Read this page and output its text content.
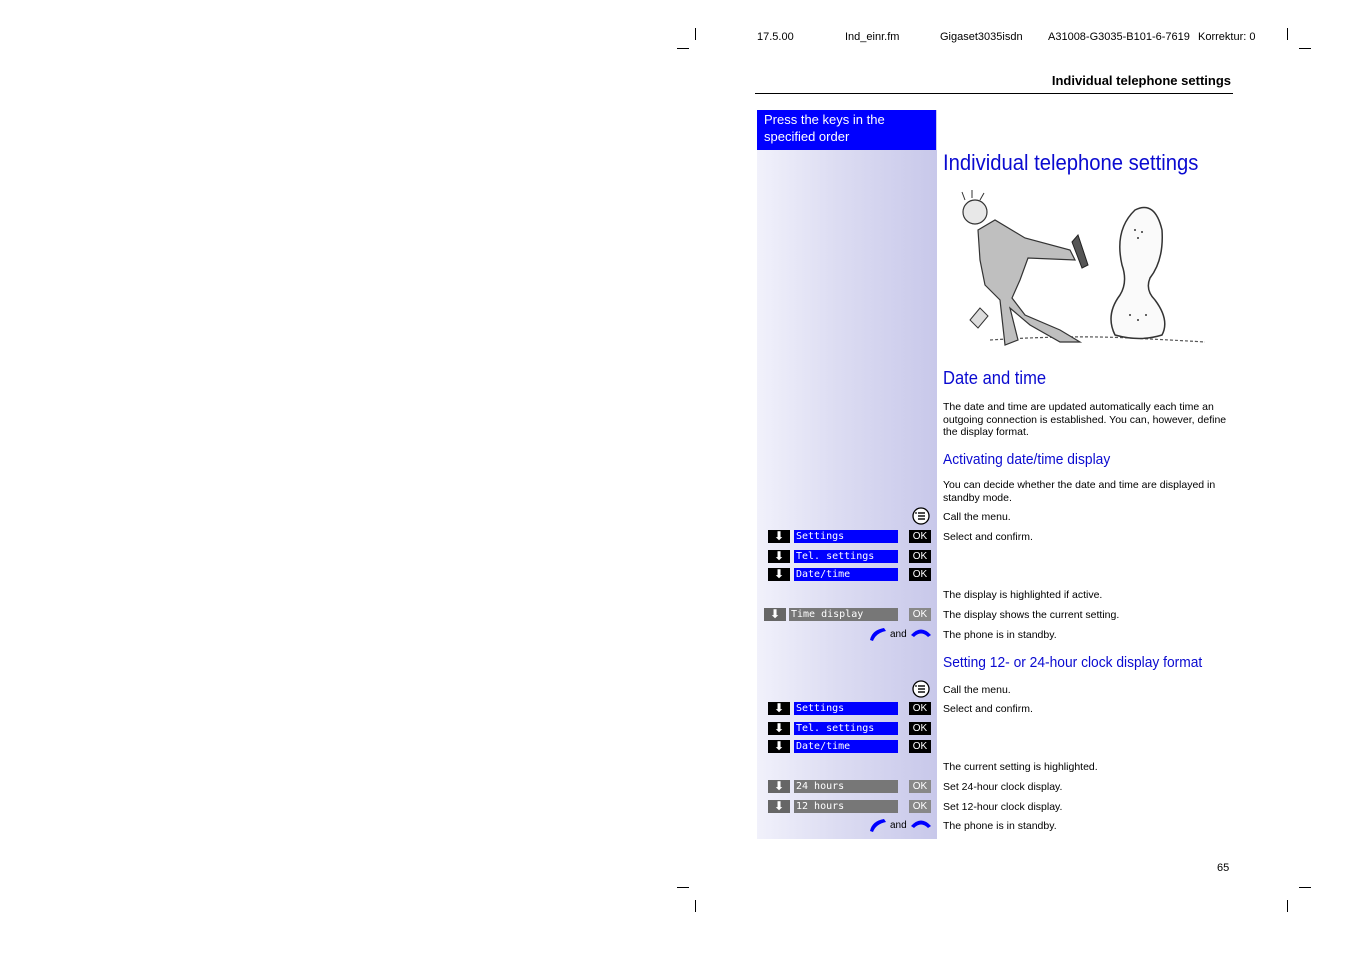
17.5.00	Ind_einr.fm	Gigaset3035isdn A31008-G3035-B101-6-7619 Korrektur: 0
Individual telephone settings
Press the keys in the specified order
Individual telephone settings
Date and time
The date and time are updated automatically each time an outgoing connection is established. You can, however, define the display format.
Activating date/time display
You can decide whether the date and time are displayed in standby mode.
Call the menu.
⬇	Settings	OK	Select and confirm.
⬇	Tel. settings	OK
⬇	Date/time	OK
The display is highlighted if active.
⬇	Time display	OK	The display shows the current setting.
and	The phone is in standby.
Setting 12- or 24-hour clock display format
Call the menu.
⬇	Settings	OK	Select and confirm.
⬇	Tel. settings	OK
⬇	Date/time	OK
The current setting is highlighted.
⬇	24 hours	OK	Set 24-hour clock display.
⬇	12 hours	OK	Set 12-hour clock display.
and	The phone is in standby.
65
